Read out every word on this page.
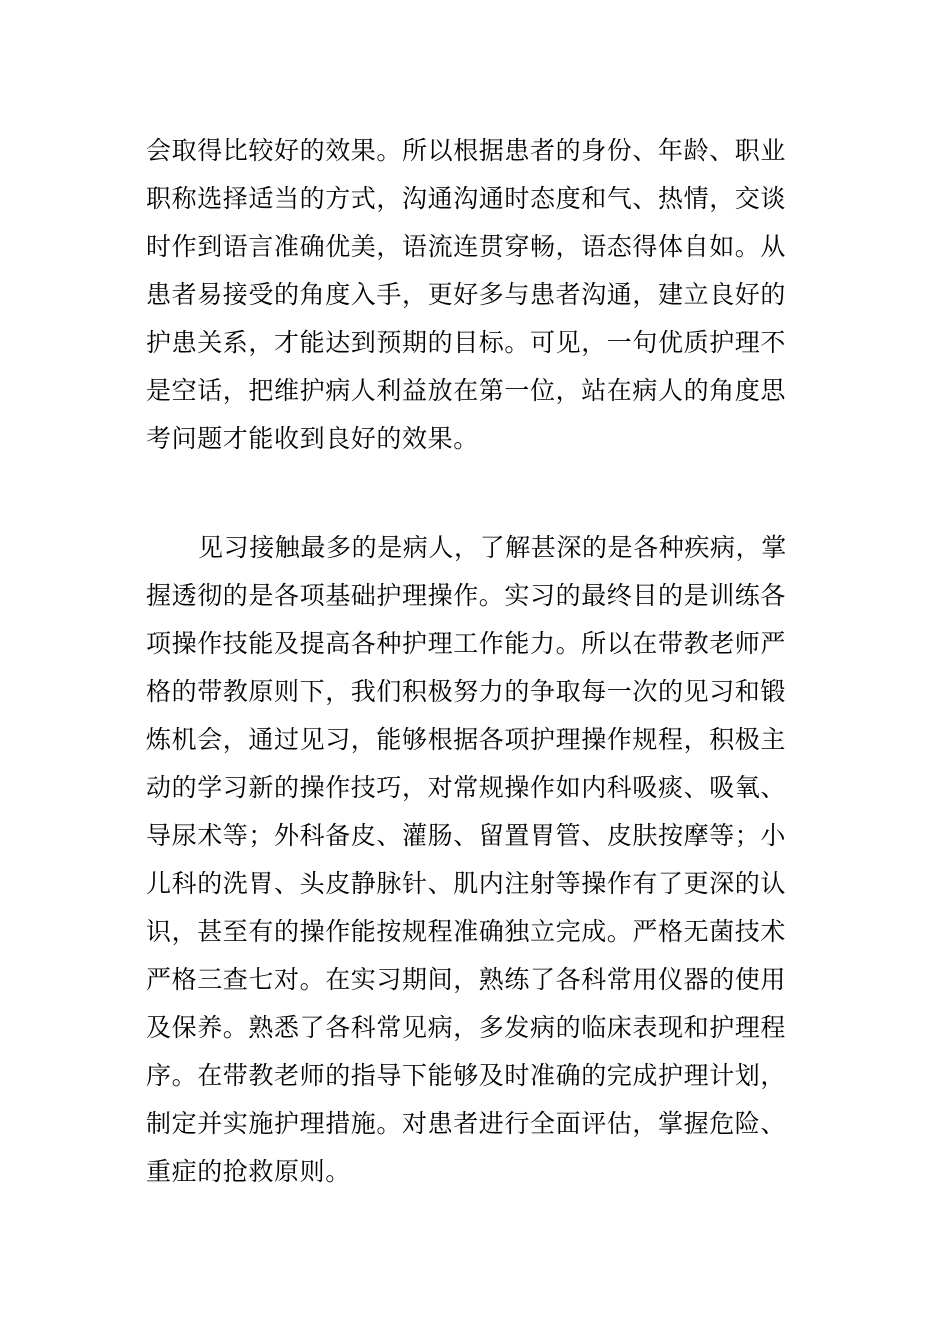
会取得比较好的效果。所以根据患者的身份、年龄、职业
职称选择适当的方式，沟通沟通时态度和气、热情，交谈
时作到语言准确优美，语流连贯穿畅，语态得体自如。从
患者易接受的角度入手，更好多与患者沟通，建立良好的
护患关系，才能达到预期的目标。可见，一句优质护理不
是空话，把维护病人利益放在第一位，站在病人的角度思
考问题才能收到良好的效果。
见习接触最多的是病人，了解甚深的是各种疾病，掌
握透彻的是各项基础护理操作。实习的最终目的是训练各
项操作技能及提高各种护理工作能力。所以在带教老师严
格的带教原则下，我们积极努力的争取每一次的见习和锻
炼机会，通过见习，能够根据各项护理操作规程，积极主
动的学习新的操作技巧，对常规操作如内科吸痰、吸氧、
导尿术等；外科备皮、灌肠、留置胃管、皮肤按摩等；小
儿科的洗胃、头皮静脉针、肌内注射等操作有了更深的认
识，甚至有的操作能按规程准确独立完成。严格无菌技术
严格三查七对。在实习期间，熟练了各科常用仪器的使用
及保养。熟悉了各科常见病，多发病的临床表现和护理程
序。在带教老师的指导下能够及时准确的完成护理计划，
制定并实施护理措施。对患者进行全面评估，掌握危险、
重症的抢救原则。
